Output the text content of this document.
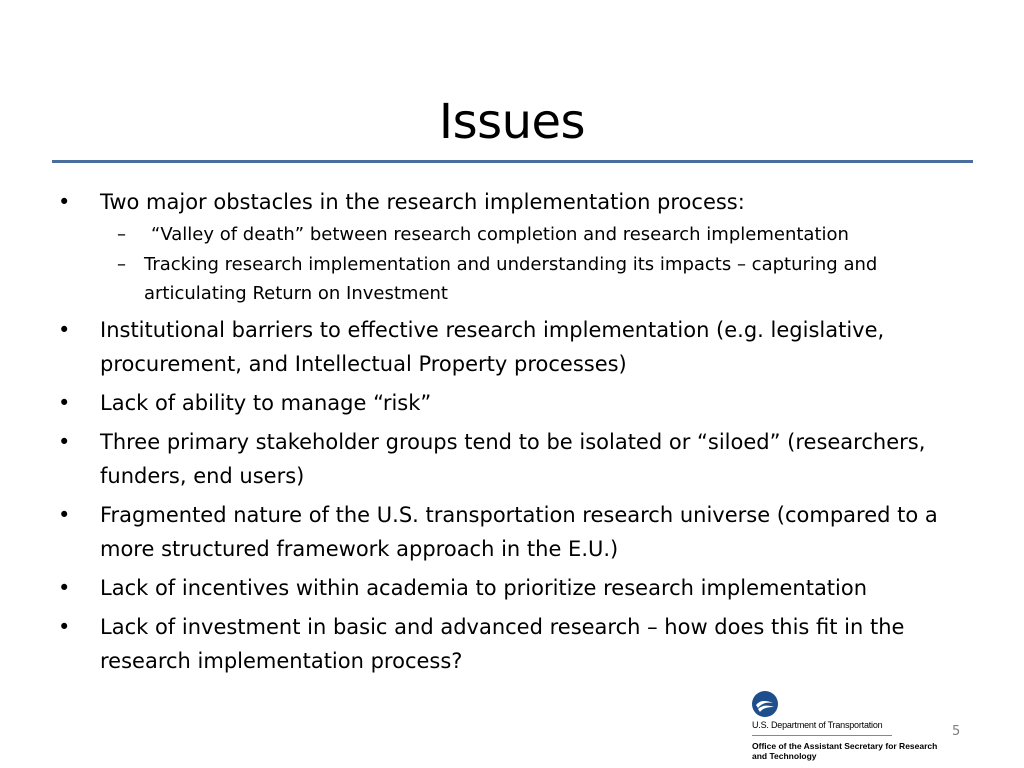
Issues
• Two major obstacles in the research implementation process:
– “Valley of death” between research completion and research implementation
– Tracking research implementation and understanding its impacts – capturing and articulating Return on Investment
• Institutional barriers to effective research implementation (e.g. legislative, procurement, and Intellectual Property processes)
• Lack of ability to manage “risk”
• Three primary stakeholder groups tend to be isolated or “siloed” (researchers, funders, end users)
• Fragmented nature of the U.S. transportation research universe (compared to a more structured framework approach in the E.U.)
• Lack of incentives within academia to prioritize research implementation
• Lack of investment in basic and advanced research – how does this fit in the research implementation process?
U.S. Department of Transportation
Office of the Assistant Secretary for Research and Technology
5
